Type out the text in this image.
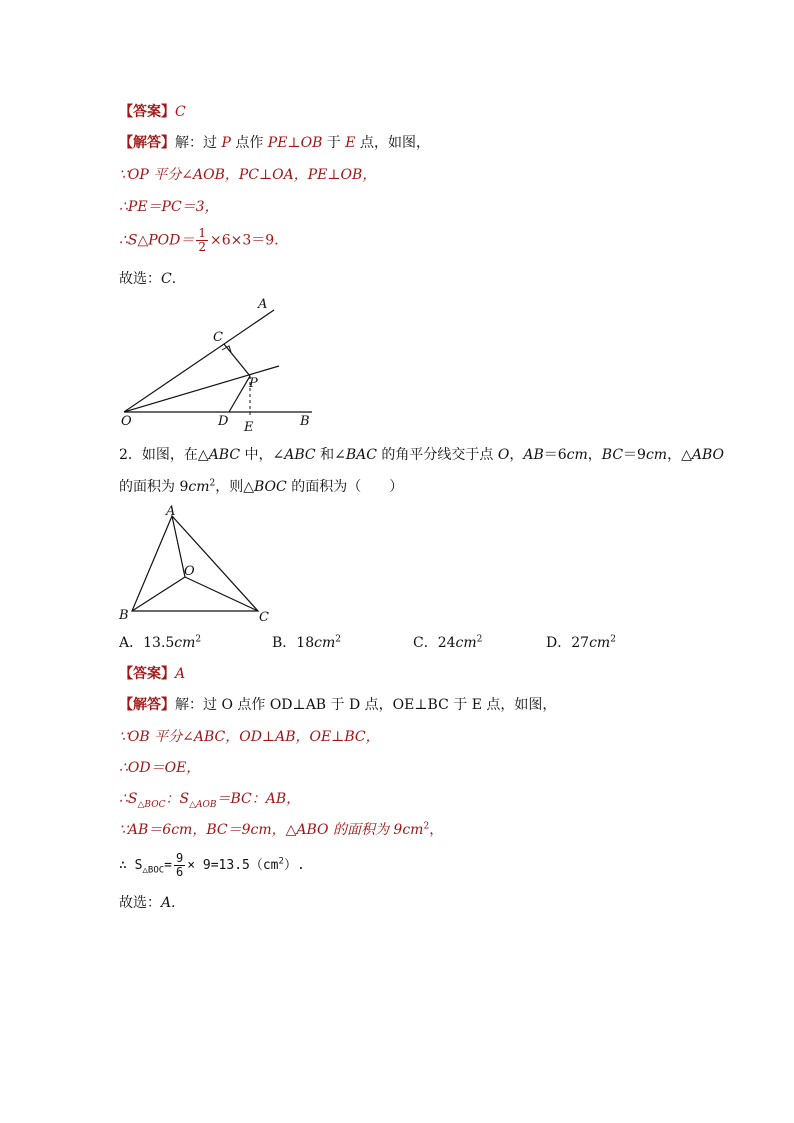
【答案】C
【解答】解：过 P 点作 PE⊥OB 于 E 点，如图，
∵OP 平分∠AOB，PC⊥OA，PE⊥OB，
∴PE＝PC＝3，
∴S△POD＝ $\frac{1}{2} \times 6\times 3=9$．
故选：C．
A
C
P
O	D E	B
2．如图，在△ABC 中，∠ABC 和∠BAC 的角平分线交于点 O，AB＝6cm，BC＝9cm，△ABO
的面积为 $9cm^2$，则△BOC 的面积为（　　）
A
O
B	C
A．$13.5cm^2$	B．$18cm^2$	C．$24cm^2$	D．$27cm^2$
【答案】A
【解答】解：过 O 点作 OD⊥AB 于 D 点，OE⊥BC 于 E 点，如图，
∵OB 平分∠ABC，OD⊥AB，OE⊥BC，
∴OD＝OE，
$\therefore S_{\triangle BOC}$：$S_{\triangle AOB}=BC$：AB，
∵AB＝6cm，BC＝9cm，△ABO 的面积为 $9cm^2$，
∴ $S_{\triangle BOC}= \frac{9}{6} \times 9=13.5(cm^2)$.
故选：A．
